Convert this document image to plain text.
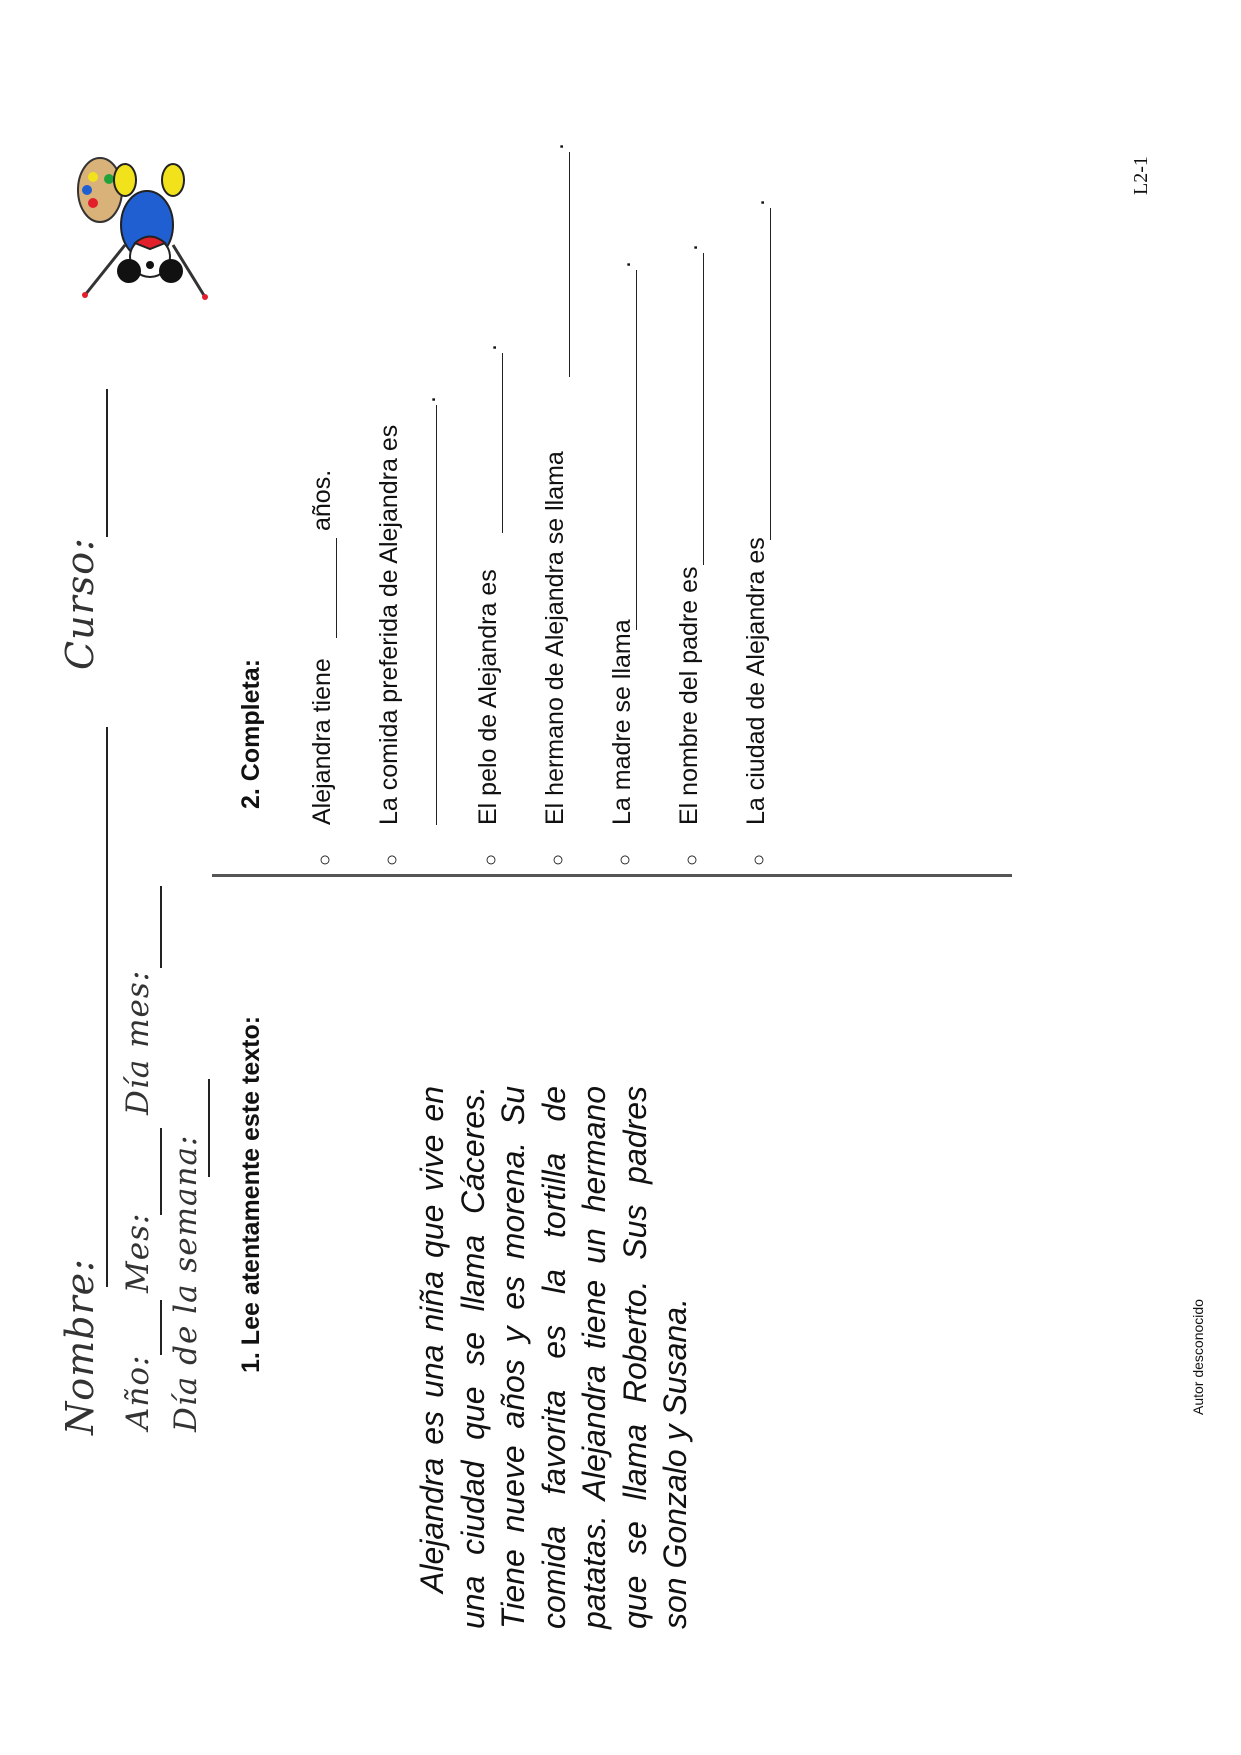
Nombre:
Curso:
Año:
Mes:
Día mes:
Día de la semana: 1. Lee atentamente este texto:	Alejandra es una niña que vive en una ciudad que se llama Cáceres. Tiene nueve años y es morena. Su comida favorita es la tortilla de patatas. Alejandra tiene un hermano que se llama Roberto. Sus padres son Gonzalo y Susana.
2. Completa:
○
Alejandra tiene
años.
○
La comida preferida de Alejandra es
.
○
El pelo de Alejandra es
.
○
El hermano de Alejandra se llama
.
○
La madre se llama
.
○
El nombre del padre es
.
○
La ciudad de Alejandra es
.
L2-1
Autor desconocido
